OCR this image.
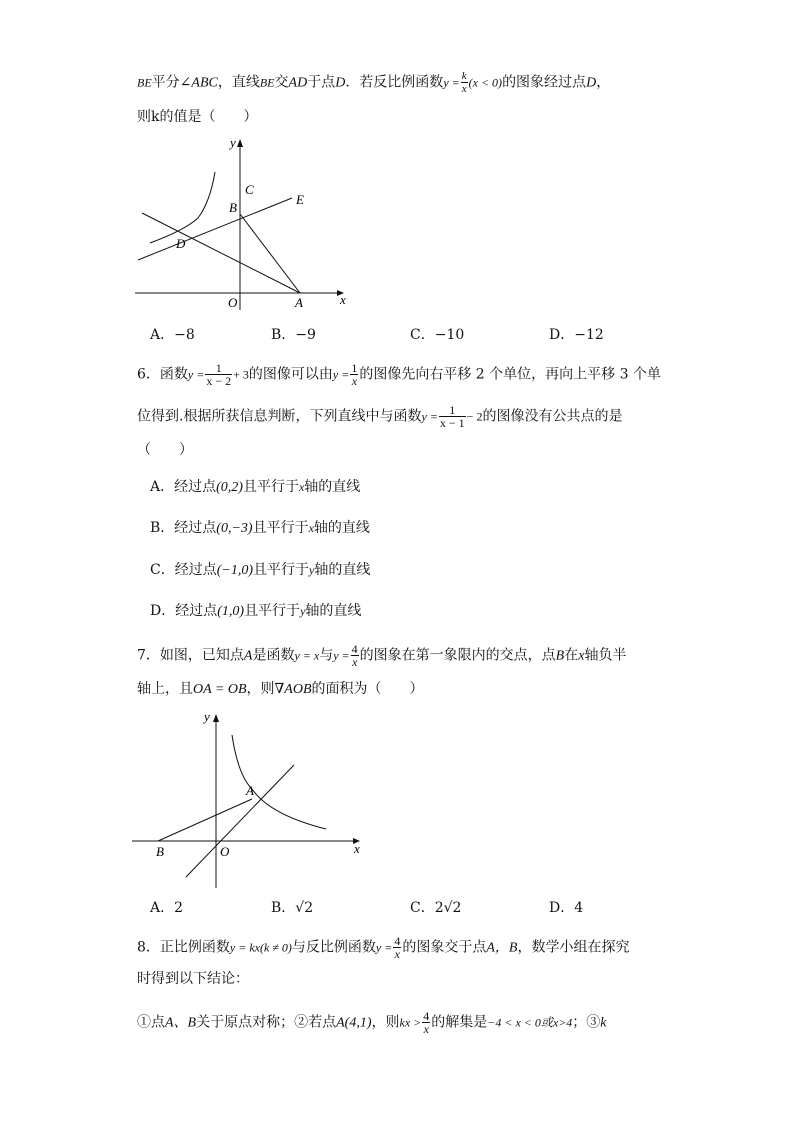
BE平分∠ABC，直线BE交AD于点D．若反比例函数$y = \frac{k}{x} (x < 0)$的图象经过点D，
则k的值是（　　）
y
C
B
E
D
O	A	x
A．−8	B．−9	C．−10	D．−12
6．函数$y = \frac{1}{x - 2} + 3$的图像可以由$y = \frac{1}{x}$ 的图像先向右平移 2 个单位，再向上平移 3 个单
位得到.根据所获信息判断，下列直线中与函数$y = \frac{1}{x - 1} - 2$的图像没有公共点的是
（　　）
A．经过点(0,2)且平行于x轴的直线
B．经过点(0,−3)且平行于x轴的直线
C．经过点(−1,0)且平行于y轴的直线
D．经过点(1,0)且平行于y轴的直线
7．如图，已知点A是函数y = x与$y = \frac{4}{x}$ 的图象在第一象限内的交点，点B在x轴负半
轴上，且OA = OB，则∇AOB的面积为（　　）
y
A
B	O	x
A．2	B．√2	C．2√2	D．4
8．正比例函数y = kx(k ≠ 0)与反比例函数$y = \frac{4}{x}$ 的图象交于点A，B，数学小组在探究
时得到以下结论：
①点A、B关于原点对称；②若点A(4,1)，则kx > $\frac{4}{x}$ 的解集是−4 < x < 0或x>4；③k
